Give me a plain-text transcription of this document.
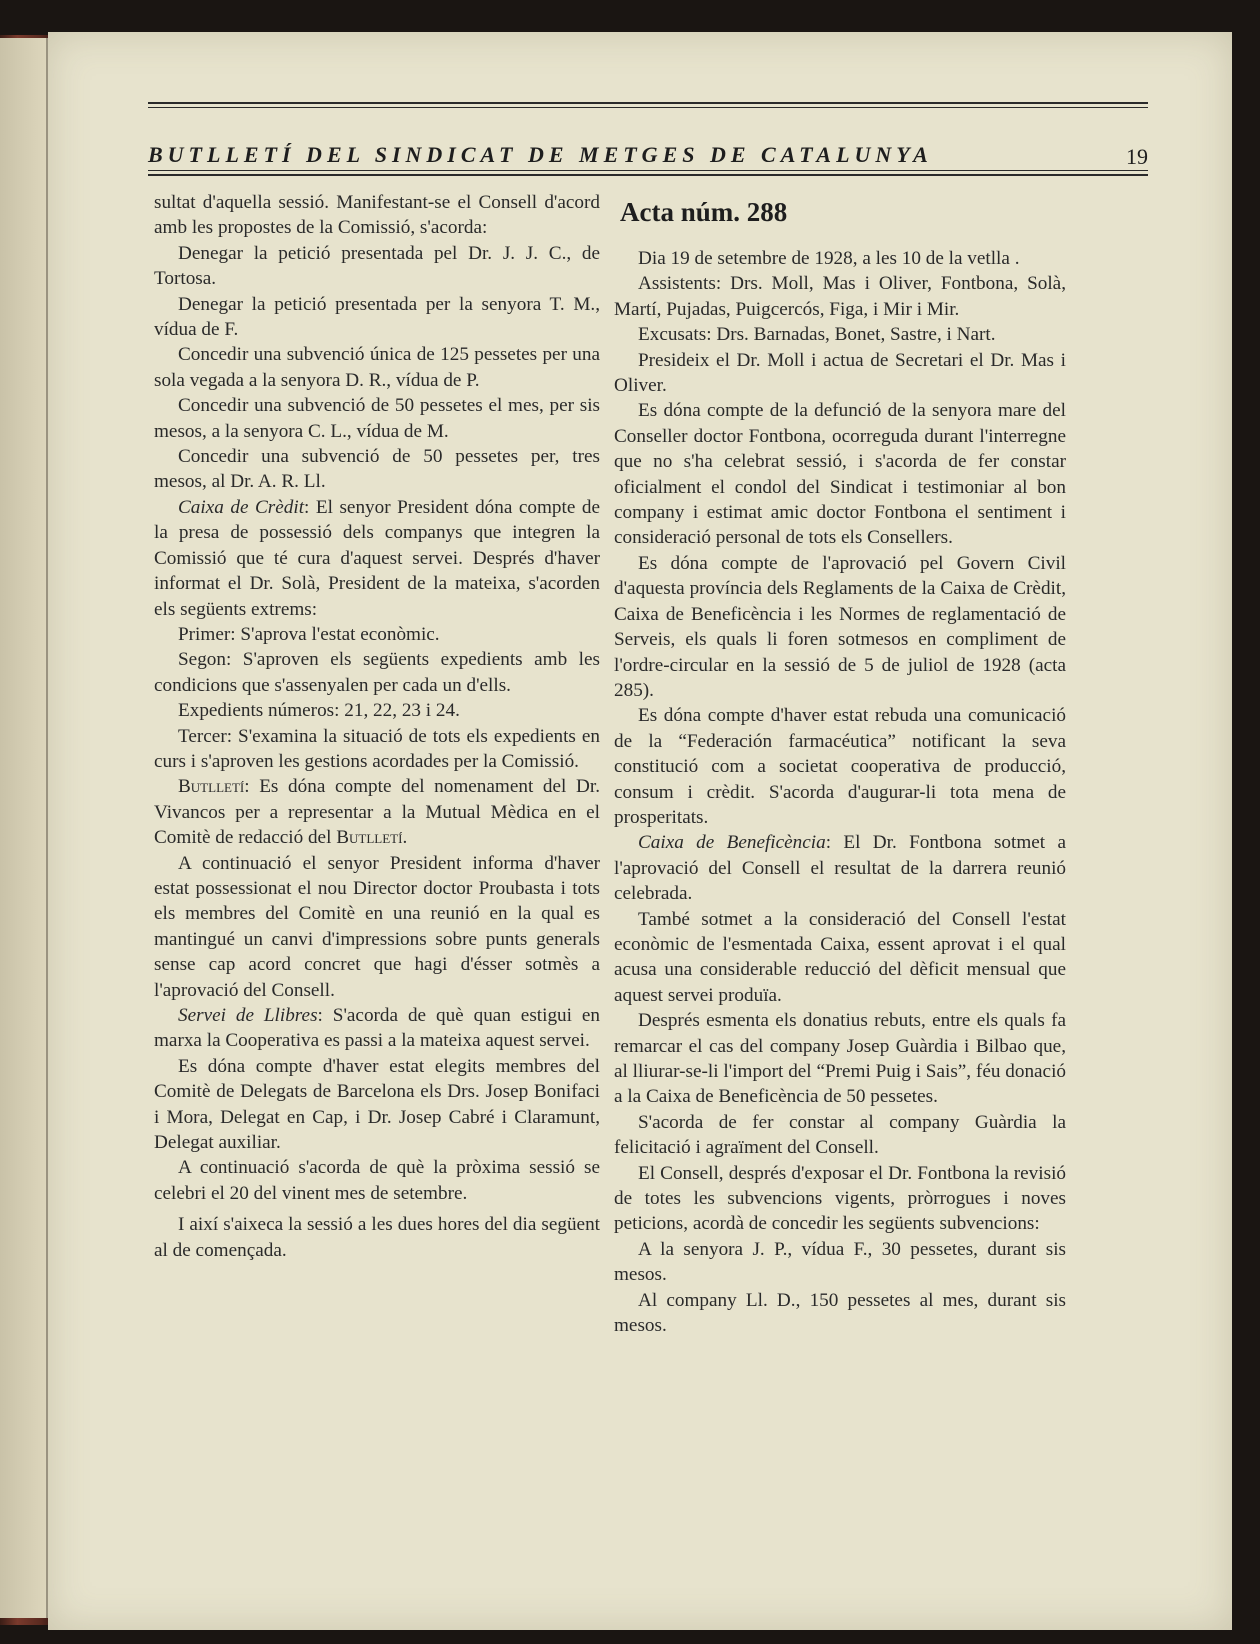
BUTLLETÍ DEL SINDICAT DE METGES DE CATALUNYA	19

sultat d'aquella sessió. Manifestant-se el Consell d'acord amb les propostes de la Comissió, s'acorda:

Denegar la petició presentada pel Dr. J. J. C., de Tortosa.

Denegar la petició presentada per la senyora T. M., vídua de F.

Concedir una subvenció única de 125 pessetes per una sola vegada a la senyora D. R., vídua de P.

Concedir una subvenció de 50 pessetes el mes, per sis mesos, a la senyora C. L., vídua de M.

Concedir una subvenció de 50 pessetes per, tres mesos, al Dr. A. R. Ll.

Caixa de Crèdit: El senyor President dóna compte de la presa de possessió dels companys que integren la Comissió que té cura d'aquest servei. Després d'haver informat el Dr. Solà, President de la mateixa, s'acorden els següents extrems:

Primer: S'aprova l'estat econòmic.

Segon: S'aproven els següents expedients amb les condicions que s'assenyalen per cada un d'ells.

Expedients números: 21, 22, 23 i 24.

Tercer: S'examina la situació de tots els expedients en curs i s'aproven les gestions acordades per la Comissió.

Butlletí: Es dóna compte del nomenament del Dr. Vivancos per a representar a la Mutual Mèdica en el Comitè de redacció del Butlletí.

A continuació el senyor President informa d'haver estat possessionat el nou Director doctor Proubasta i tots els membres del Comitè en una reunió en la qual es mantingué un canvi d'impressions sobre punts generals sense cap acord concret que hagi d'ésser sotmès a l'aprovació del Consell.

Servei de Llibres: S'acorda de què quan estigui en marxa la Cooperativa es passi a la mateixa aquest servei.

Es dóna compte d'haver estat elegits membres del Comitè de Delegats de Barcelona els Drs. Josep Bonifaci i Mora, Delegat en Cap, i Dr. Josep Cabré i Claramunt, Delegat auxiliar.

A continuació s'acorda de què la pròxima sessió se celebri el 20 del vinent mes de setembre.

I així s'aixeca la sessió a les dues hores del dia següent al de començada.

Acta núm. 288

Dia 19 de setembre de 1928, a les 10 de la vetlla .

Assistents: Drs. Moll, Mas i Oliver, Fontbona, Solà, Martí, Pujadas, Puigcercós, Figa, i Mir i Mir.

Excusats: Drs. Barnadas, Bonet, Sastre, i Nart.

Presideix el Dr. Moll i actua de Secretari el Dr. Mas i Oliver.

Es dóna compte de la defunció de la senyora mare del Conseller doctor Fontbona, ocorreguda durant l'interregne que no s'ha celebrat sessió, i s'acorda de fer constar oficialment el condol del Sindicat i testimoniar al bon company i estimat amic doctor Fontbona el sentiment i consideració personal de tots els Consellers.

Es dóna compte de l'aprovació pel Govern Civil d'aquesta província dels Reglaments de la Caixa de Crèdit, Caixa de Beneficència i les Normes de reglamentació de Serveis, els quals li foren sotmesos en compliment de l'ordre-circular en la sessió de 5 de juliol de 1928 (acta 285).

Es dóna compte d'haver estat rebuda una comunicació de la “Federación farmacéutica” notificant la seva constitució com a societat cooperativa de producció, consum i crèdit. S'acorda d'augurar-li tota mena de prosperitats.

Caixa de Beneficència: El Dr. Fontbona sotmet a l'aprovació del Consell el resultat de la darrera reunió celebrada.

També sotmet a la consideració del Consell l'estat econòmic de l'esmentada Caixa, essent aprovat i el qual acusa una considerable reducció del dèficit mensual que aquest servei produïa.

Després esmenta els donatius rebuts, entre els quals fa remarcar el cas del company Josep Guàrdia i Bilbao que, al lliurar-se-li l'import del “Premi Puig i Sais”, féu donació a la Caixa de Beneficència de 50 pessetes.

S'acorda de fer constar al company Guàrdia la felicitació i agraïment del Consell.

El Consell, després d'exposar el Dr. Fontbona la revisió de totes les subvencions vigents, pròrrogues i noves peticions, acordà de concedir les següents subvencions:

A la senyora J. P., vídua F., 30 pessetes, durant sis mesos.

Al company Ll. D., 150 pessetes al mes, durant sis mesos.
